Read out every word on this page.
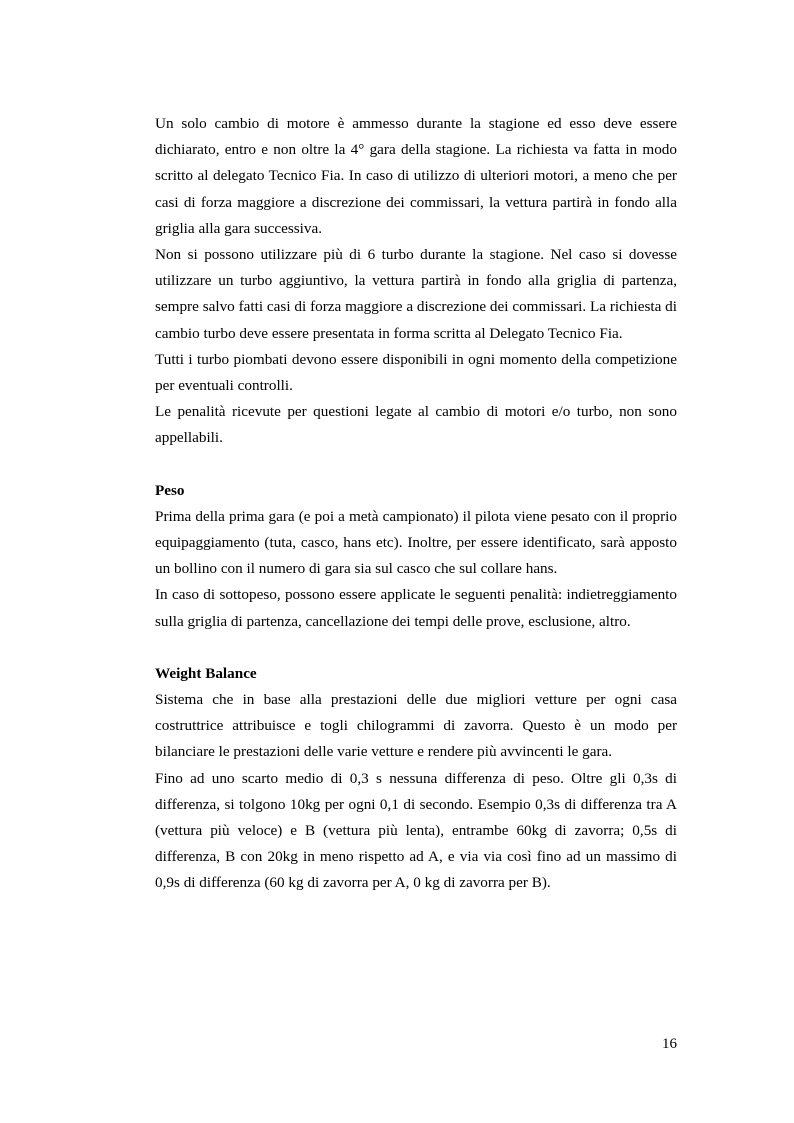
Un solo cambio di motore è ammesso durante la stagione ed esso deve essere dichiarato, entro e non oltre la 4° gara della stagione. La richiesta va fatta in modo scritto al delegato Tecnico Fia. In caso di utilizzo di ulteriori motori, a meno che per casi di forza maggiore a discrezione dei commissari, la vettura partirà in fondo alla griglia alla gara successiva.

Non si possono utilizzare più di 6 turbo durante la stagione. Nel caso si dovesse utilizzare un turbo aggiuntivo, la vettura partirà in fondo alla griglia di partenza, sempre salvo fatti casi di forza maggiore a discrezione dei commissari. La richiesta di cambio turbo deve essere presentata in forma scritta al Delegato Tecnico Fia.

Tutti i turbo piombati devono essere disponibili in ogni momento della competizione per eventuali controlli.

Le penalità ricevute per questioni legate al cambio di motori e/o turbo, non sono appellabili.

Peso

Prima della prima gara (e poi a metà campionato) il pilota viene pesato con il proprio equipaggiamento (tuta, casco, hans etc). Inoltre, per essere identificato, sarà apposto un bollino con il numero di gara sia sul casco che sul collare hans.

In caso di sottopeso, possono essere applicate le seguenti penalità: indietreggiamento sulla griglia di partenza, cancellazione dei tempi delle prove, esclusione, altro.

Weight Balance

Sistema che in base alla prestazioni delle due migliori vetture per ogni casa costruttrice attribuisce e togli chilogrammi di zavorra. Questo è un modo per bilanciare le prestazioni delle varie vetture e rendere più avvincenti le gara.

Fino ad uno scarto medio di 0,3 s nessuna differenza di peso. Oltre gli 0,3s di differenza, si tolgono 10kg per ogni 0,1 di secondo. Esempio 0,3s di differenza tra A (vettura più veloce) e B (vettura più lenta), entrambe 60kg di zavorra; 0,5s di differenza, B con 20kg in meno rispetto ad A, e via via così fino ad un massimo di 0,9s di differenza (60 kg di zavorra per A, 0 kg di zavorra per B).

16
